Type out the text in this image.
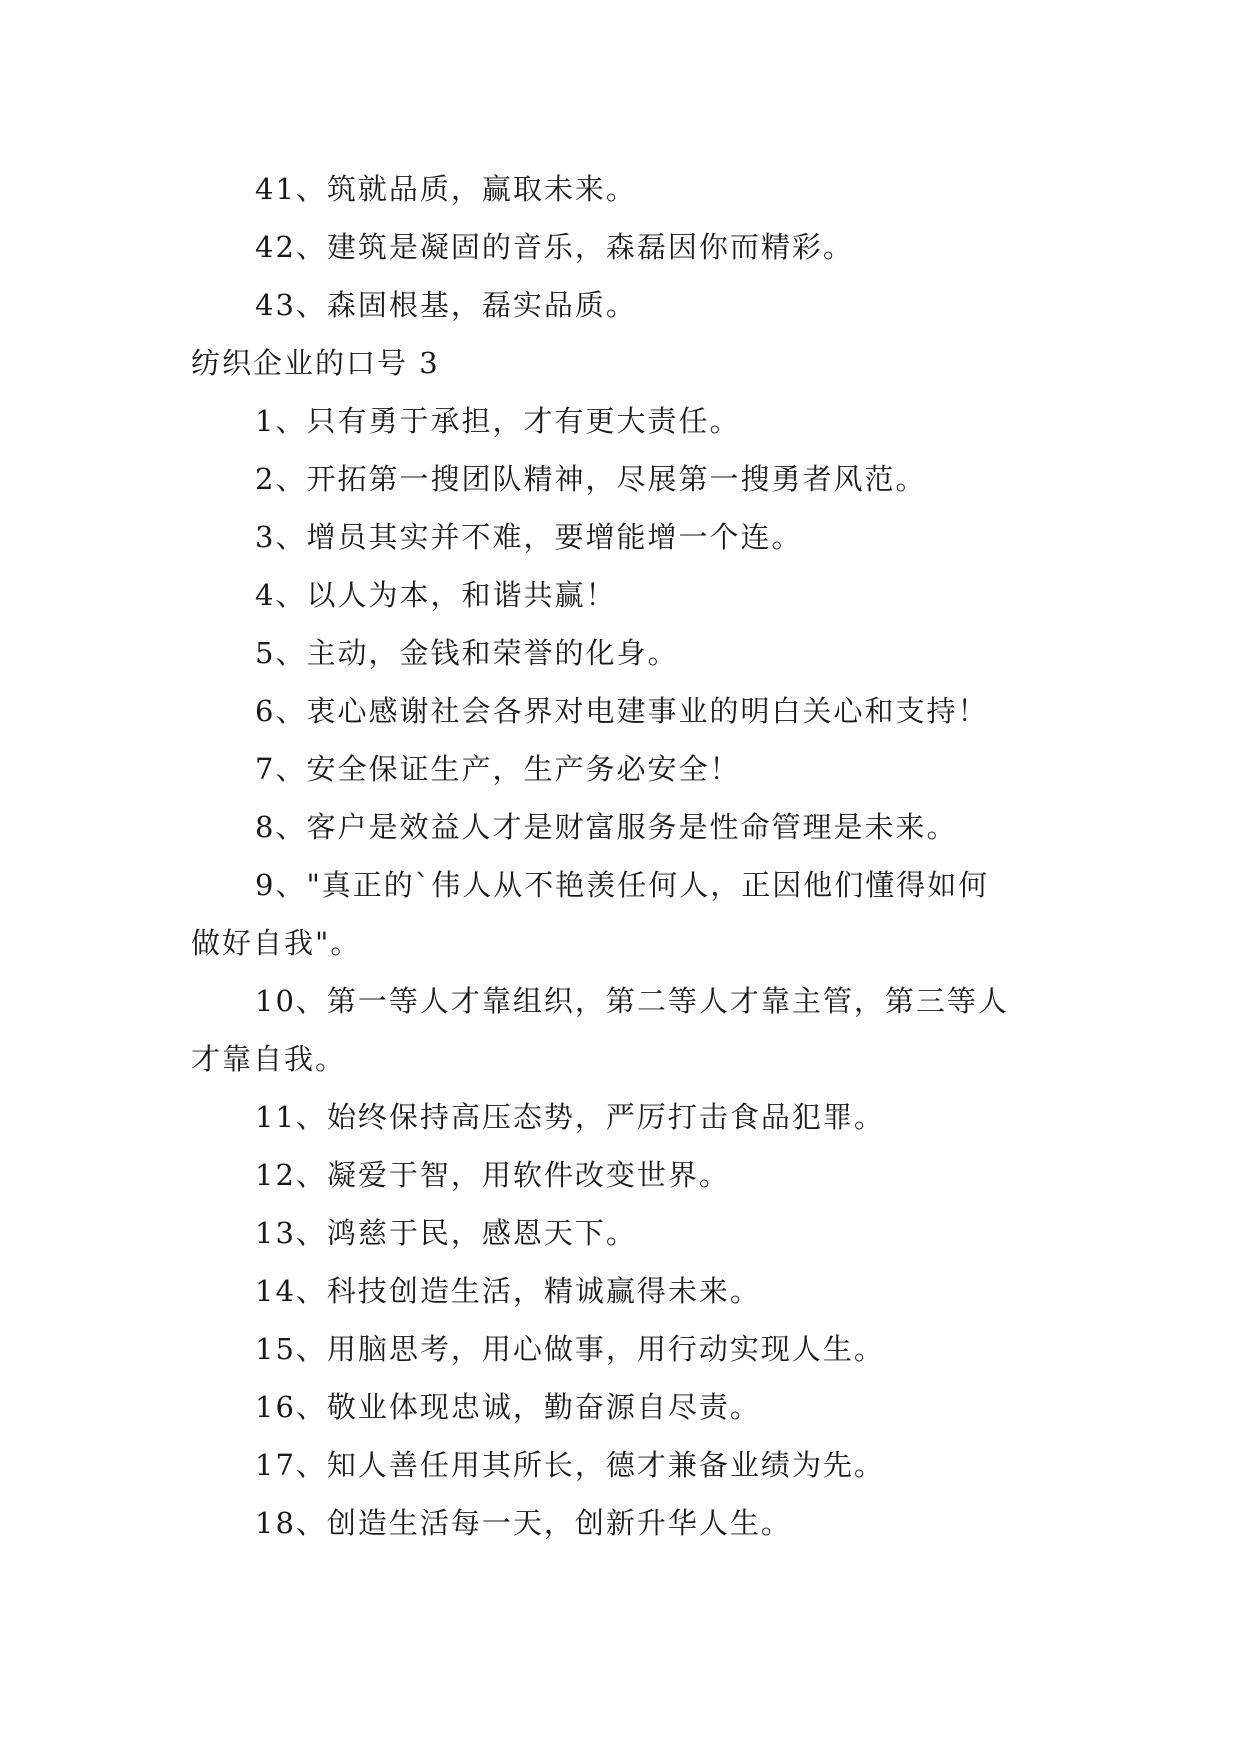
41、筑就品质，赢取未来。
42、建筑是凝固的音乐，森磊因你而精彩。
43、森固根基，磊实品质。
纺织企业的口号 3
1、只有勇于承担，才有更大责任。
2、开拓第一搜团队精神，尽展第一搜勇者风范。
3、增员其实并不难，要增能增一个连。
4、以人为本，和谐共赢！
5、主动，金钱和荣誉的化身。
6、衷心感谢社会各界对电建事业的明白关心和支持！
7、安全保证生产，生产务必安全！
8、客户是效益人才是财富服务是性命管理是未来。
9、"真正的`伟人从不艳羡任何人，正因他们懂得如何
做好自我"。
10、第一等人才靠组织，第二等人才靠主管，第三等人
才靠自我。
11、始终保持高压态势，严厉打击食品犯罪。
12、凝爱于智，用软件改变世界。
13、鸿慈于民，感恩天下。
14、科技创造生活，精诚赢得未来。
15、用脑思考，用心做事，用行动实现人生。
16、敬业体现忠诚，勤奋源自尽责。
17、知人善任用其所长，德才兼备业绩为先。
18、创造生活每一天，创新升华人生。
